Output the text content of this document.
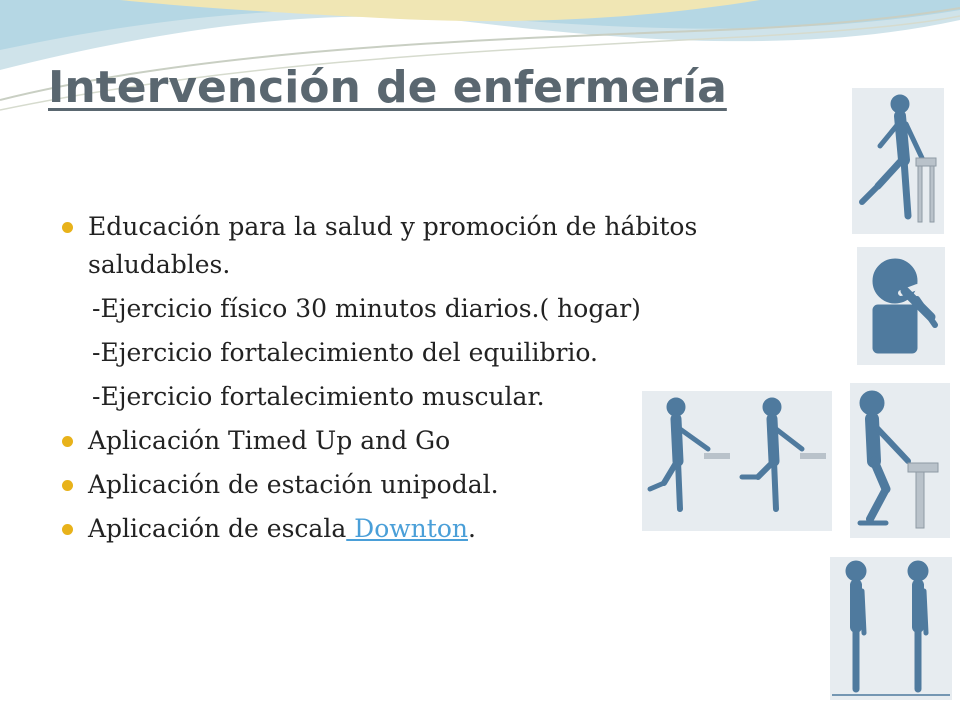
Intervención de enfermería
Educación para la salud y promoción de hábitos saludables.
-Ejercicio físico 30 minutos diarios.( hogar)
-Ejercicio fortalecimiento del equilibrio.
-Ejercicio fortalecimiento muscular.
Aplicación Timed Up and Go
Aplicación de estación unipodal.
Aplicación de escala Downton.
